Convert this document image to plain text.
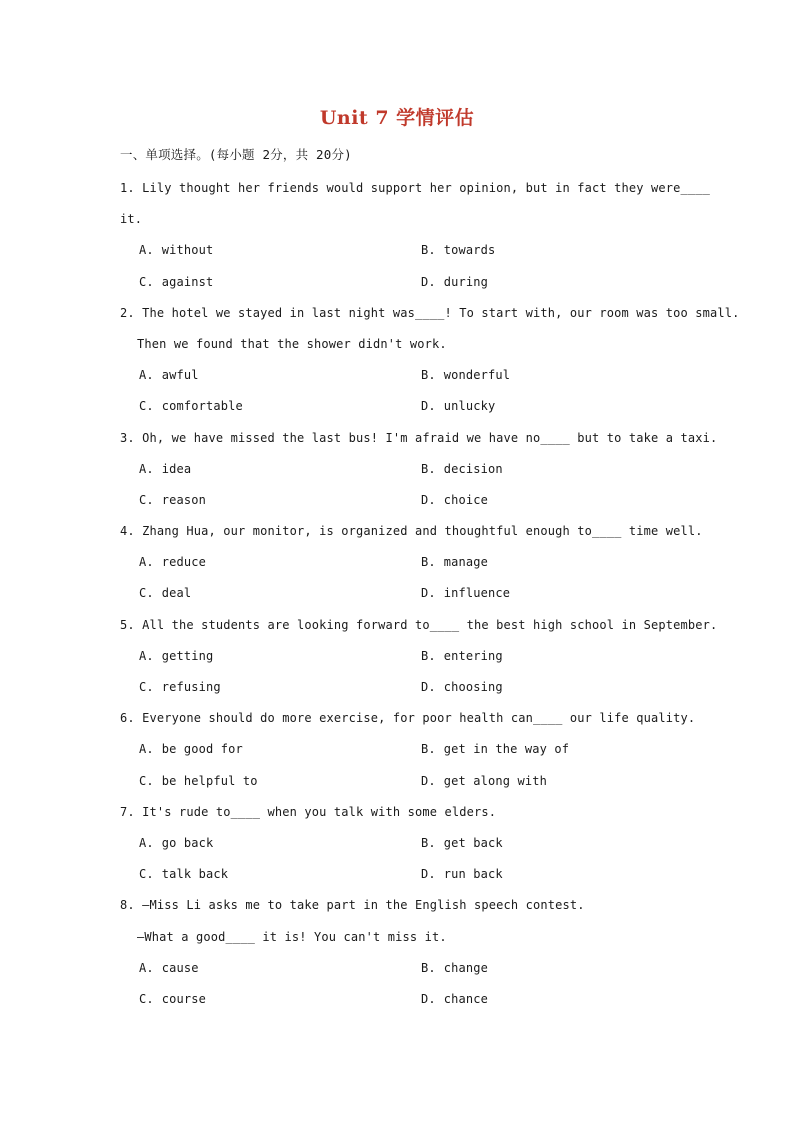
Unit 7 学情评估
一、单项选择。(每小题 2分，共 20分)
1. Lily thought her friends would support her opinion, but in fact they were____
it.
A. without	B. towards
C. against	D. during
2. The hotel we stayed in last night was____! To start with, our room was too small.
Then we found that the shower didn't work.
A. awful	B. wonderful
C. comfortable	D. unlucky
3. Oh, we have missed the last bus! I'm afraid we have no____ but to take a taxi.
A. idea	B. decision
C. reason	D. choice
4. Zhang Hua, our monitor, is organized and thoughtful enough to____ time well.
A. reduce	B. manage
C. deal	D. influence
5. All the students are looking forward to____ the best high school in September.
A. getting	B. entering
C. refusing	D. choosing
6. Everyone should do more exercise, for poor health can____ our life quality.
A. be good for	B. get in the way of
C. be helpful to	D. get along with
7. It's rude to____ when you talk with some elders.
A. go back	B. get back
C. talk back	D. run back
8. —Miss Li asks me to take part in the English speech contest.
—What a good____ it is! You can't miss it.
A. cause	B. change
C. course	D. chance
